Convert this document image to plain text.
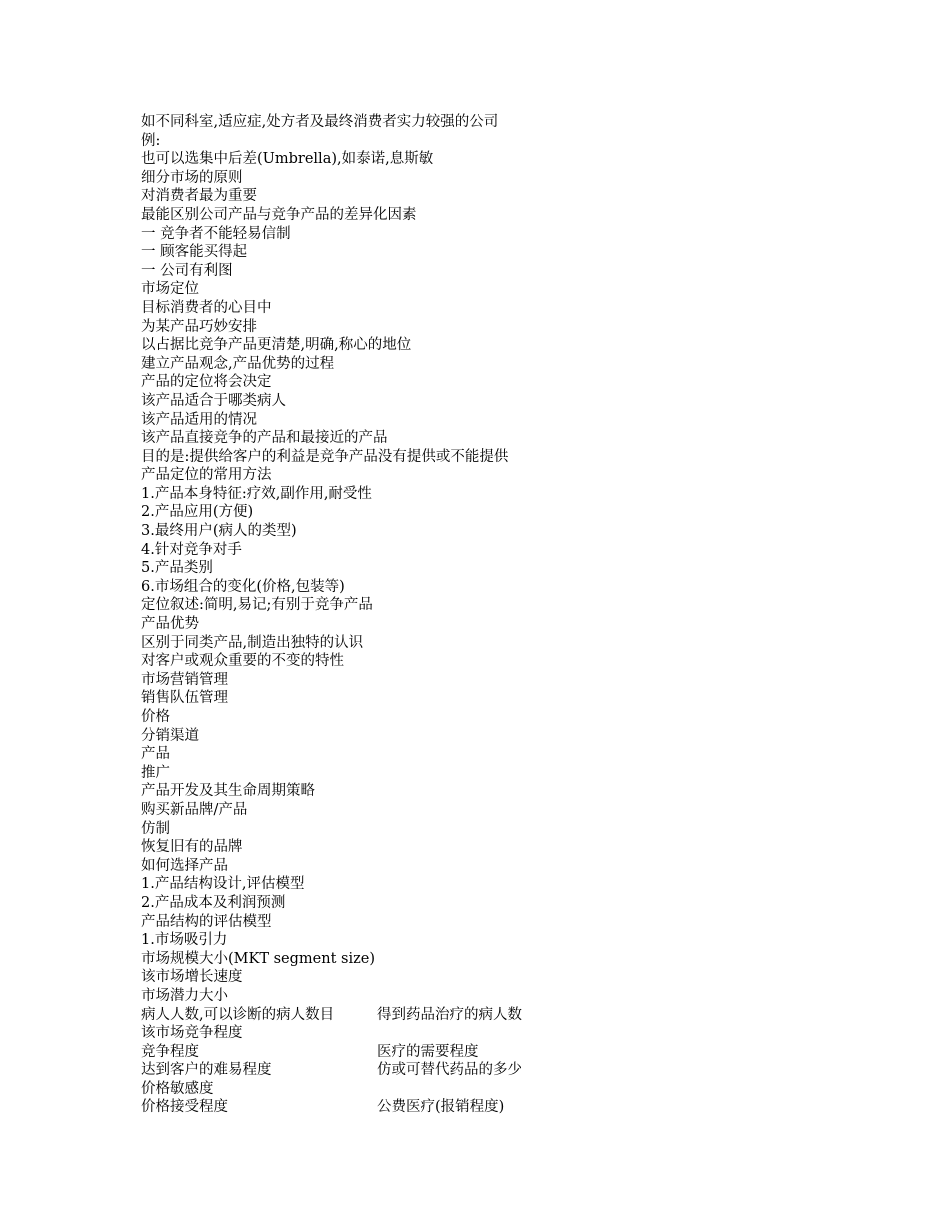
如不同科室,适应症,处方者及最终消费者实力较强的公司
例:
也可以选集中后差(Umbrella),如泰诺,息斯敏
细分市场的原则
对消费者最为重要
最能区别公司产品与竞争产品的差异化因素
一 竞争者不能轻易信制
一 顾客能买得起
一 公司有利图
市场定位
目标消费者的心目中
为某产品巧妙安排
以占据比竞争产品更清楚,明确,称心的地位
建立产品观念,产品优势的过程
产品的定位将会决定
该产品适合于哪类病人
该产品适用的情况
该产品直接竞争的产品和最接近的产品
目的是:提供给客户的利益是竞争产品没有提供或不能提供
产品定位的常用方法
1.产品本身特征:疗效,副作用,耐受性
2.产品应用(方便)
3.最终用户(病人的类型)
4.针对竞争对手
5.产品类别
6.市场组合的变化(价格,包装等)
定位叙述:简明,易记;有别于竞争产品
产品优势
区别于同类产品,制造出独特的认识
对客户或观众重要的不变的特性
市场营销管理
销售队伍管理
价格
分销渠道
产品
推广
产品开发及其生命周期策略
购买新品牌/产品
仿制
恢复旧有的品牌
如何选择产品
1.产品结构设计,评估模型
2.产品成本及利润预测
产品结构的评估模型
1.市场吸引力
市场规模大小(MKT segment size)
该市场增长速度
市场潜力大小
病人人数,可以诊断的病人数目	得到药品治疗的病人数
该市场竞争程度
竞争程度	医疗的需要程度
达到客户的难易程度	仿或可替代药品的多少
价格敏感度
价格接受程度	公费医疗(报销程度)
